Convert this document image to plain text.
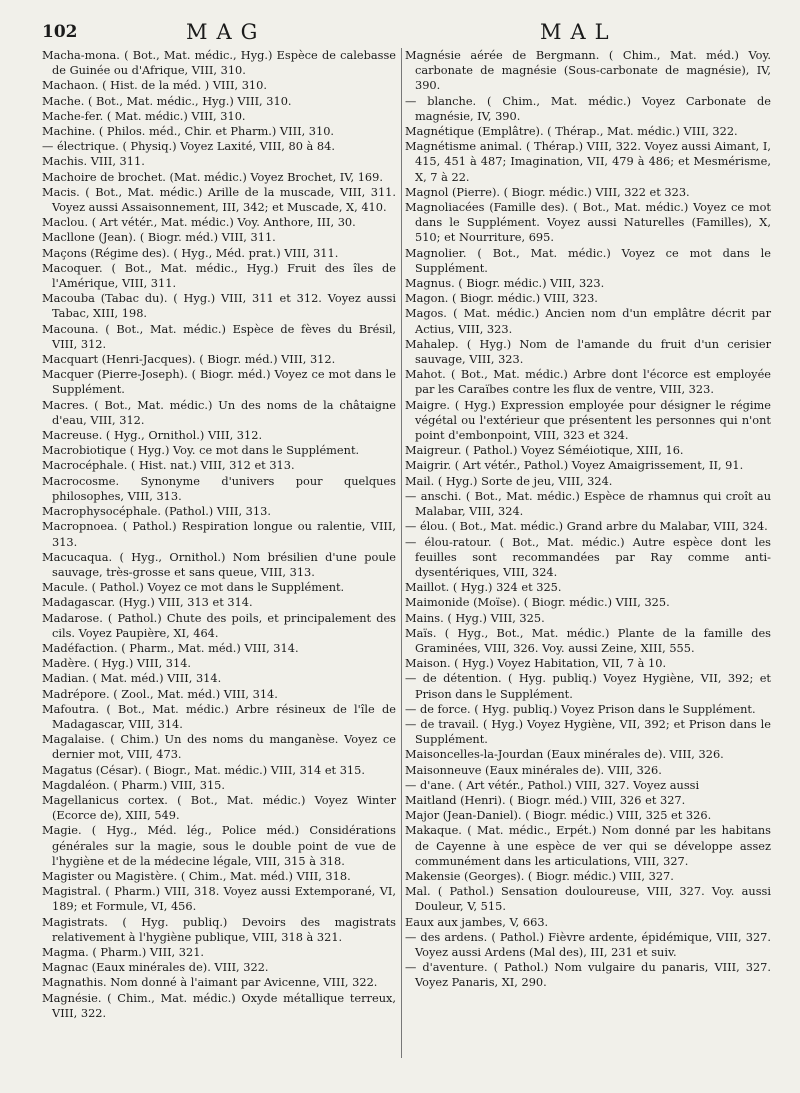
102	MAG	MAL

Macha-mona. ( Bot., Mat. médic., Hyg.) Espèce de calebasse de Guinée ou d'Afrique, VIII, 310.

Machaon. ( Hist. de la méd. ) VIII, 310.

Mache. ( Bot., Mat. médic., Hyg.) VIII, 310.

Mache-fer. ( Mat. médic.) VIII, 310.

Machine. ( Philos. méd., Chir. et Pharm.) VIII, 310.

— électrique. ( Physiq.) Voyez Laxité, VIII, 80 à 84.

Machis. VIII, 311.

Machoire de brochet. (Mat. médic.) Voyez Brochet, IV, 169.

Macis. ( Bot., Mat. médic.) Arille de la muscade, VIII, 311. Voyez aussi Assaisonnement, III, 342; et Muscade, X, 410.

Maclou. ( Art vétér., Mat. médic.) Voy. Anthore, III, 30.

Macllone (Jean). ( Biogr. méd.) VIII, 311.

Maçons (Régime des). ( Hyg., Méd. prat.) VIII, 311.

Macoquer. ( Bot., Mat. médic., Hyg.) Fruit des îles de l'Amérique, VIII, 311.

Macouba (Tabac du). ( Hyg.) VIII, 311 et 312. Voyez aussi Tabac, XIII, 198.

Macouna. ( Bot., Mat. médic.) Espèce de fèves du Brésil, VIII, 312.

Macquart (Henri-Jacques). ( Biogr. méd.) VIII, 312.

Macquer (Pierre-Joseph). ( Biogr. méd.) Voyez ce mot dans le Supplément.

Macres. ( Bot., Mat. médic.) Un des noms de la châtaigne d'eau, VIII, 312.

Macreuse. ( Hyg., Ornithol.) VIII, 312.

Macrobiotique ( Hyg.) Voy. ce mot dans le Supplément.

Macrocéphale. ( Hist. nat.) VIII, 312 et 313.

Macrocosme. Synonyme d'univers pour quelques philosophes, VIII, 313.

Macrophysocéphale. (Pathol.) VIII, 313.

Macropnoea. ( Pathol.) Respiration longue ou ralentie, VIII, 313.

Macucaqua. ( Hyg., Ornithol.) Nom brésilien d'une poule sauvage, très-grosse et sans queue, VIII, 313.

Macule. ( Pathol.) Voyez ce mot dans le Supplément.

Madagascar. (Hyg.) VIII, 313 et 314.

Madarose. ( Pathol.) Chute des poils, et principalement des cils. Voyez Paupière, XI, 464.

Madéfaction. ( Pharm., Mat. méd.) VIII, 314.

Madère. ( Hyg.) VIII, 314.

Madian. ( Mat. méd.) VIII, 314.

Madrépore. ( Zool., Mat. méd.) VIII, 314.

Mafoutra. ( Bot., Mat. médic.) Arbre résineux de l'île de Madagascar, VIII, 314.

Magalaise. ( Chim.) Un des noms du manganèse. Voyez ce dernier mot, VIII, 473.

Magatus (César). ( Biogr., Mat. médic.) VIII, 314 et 315.

Magdaléon. ( Pharm.) VIII, 315.

Magellanicus cortex. ( Bot., Mat. médic.) Voyez Winter (Ecorce de), XIII, 549.

Magie. ( Hyg., Méd. lég., Police méd.) Considérations générales sur la magie, sous le double point de vue de l'hygiène et de la médecine légale, VIII, 315 à 318.

Magister ou Magistère. ( Chim., Mat. méd.) VIII, 318.

Magistral. ( Pharm.) VIII, 318. Voyez aussi Extemporané, VI, 189; et Formule, VI, 456.

Magistrats. ( Hyg. publiq.) Devoirs des magistrats relativement à l'hygiène publique, VIII, 318 à 321.

Magma. ( Pharm.) VIII, 321.

Magnac (Eaux minérales de). VIII, 322.

Magnathis. Nom donné à l'aimant par Avicenne, VIII, 322.

Magnésie. ( Chim., Mat. médic.) Oxyde métallique terreux, VIII, 322.

Magnésie aérée de Bergmann. ( Chim., Mat. méd.) Voy. carbonate de magnésie (Sous-carbonate de magnésie), IV, 390.

— blanche. ( Chim., Mat. médic.) Voyez Carbonate de magnésie, IV, 390.

Magnétique (Emplâtre). ( Thérap., Mat. médic.) VIII, 322.

Magnétisme animal. ( Thérap.) VIII, 322. Voyez aussi Aimant, I, 415, 451 à 487; Imagination, VII, 479 à 486; et Mesmérisme, X, 7 à 22.

Magnol (Pierre). ( Biogr. médic.) VIII, 322 et 323.

Magnoliacées (Famille des). ( Bot., Mat. médic.) Voyez ce mot dans le Supplément. Voyez aussi Naturelles (Familles), X, 510; et Nourriture, 695.

Magnolier. ( Bot., Mat. médic.) Voyez ce mot dans le Supplément.

Magnus. ( Biogr. médic.) VIII, 323.

Magon. ( Biogr. médic.) VIII, 323.

Magos. ( Mat. médic.) Ancien nom d'un emplâtre décrit par Actius, VIII, 323.

Mahalep. ( Hyg.) Nom de l'amande du fruit d'un cerisier sauvage, VIII, 323.

Mahot. ( Bot., Mat. médic.) Arbre dont l'écorce est employée par les Caraïbes contre les flux de ventre, VIII, 323.

Maigre. ( Hyg.) Expression employée pour désigner le régime végétal ou l'extérieur que présentent les personnes qui n'ont point d'embonpoint, VIII, 323 et 324.

Maigreur. ( Pathol.) Voyez Séméiotique, XIII, 16.

Maigrir. ( Art vétér., Pathol.) Voyez Amaigrissement, II, 91.

Mail. ( Hyg.) Sorte de jeu, VIII, 324.

— anschi. ( Bot., Mat. médic.) Espèce de rhamnus qui croît au Malabar, VIII, 324.

— élou. ( Bot., Mat. médic.) Grand arbre du Malabar, VIII, 324.

— élou-ratour. ( Bot., Mat. médic.) Autre espèce dont les feuilles sont recommandées par Ray comme anti-dysentériques, VIII, 324.

Maillot. ( Hyg.) 324 et 325.

Maimonide (Moïse). ( Biogr. médic.) VIII, 325.

Mains. ( Hyg.) VIII, 325.

Maïs. ( Hyg., Bot., Mat. médic.) Plante de la famille des Graminées, VIII, 326. Voy. aussi Zeine, XIII, 555.

Maison. ( Hyg.) Voyez Habitation, VII, 7 à 10.

— de détention. ( Hyg. publiq.) Voyez Hygiène, VII, 392; et Prison dans le Supplément.

— de force. ( Hyg. publiq.) Voyez Prison dans le Supplément.

— de travail. ( Hyg.) Voyez Hygiène, VII, 392; et Prison dans le Supplément.

Maisoncelles-la-Jourdan (Eaux minérales de). VIII, 326.

Maisonneuve (Eaux minérales de). VIII, 326.

— d'ane. ( Art vétér., Pathol.) VIII, 327. Voyez aussi

Maitland (Henri). ( Biogr. méd.) VIII, 326 et 327.

Major (Jean-Daniel). ( Biogr. médic.) VIII, 325 et 326.

Makaque. ( Mat. médic., Erpét.) Nom donné par les habitans de Cayenne à une espèce de ver qui se développe assez communément dans les articulations, VIII, 327.

Makensie (Georges). ( Biogr. médic.) VIII, 327.

Mal. ( Pathol.) Sensation douloureuse, VIII, 327. Voy. aussi Douleur, V, 515.

Eaux aux jambes, V, 663.

— des ardens. ( Pathol.) Fièvre ardente, épidémique, VIII, 327. Voyez aussi Ardens (Mal des), III, 231 et suiv.

— d'aventure. ( Pathol.) Nom vulgaire du panaris, VIII, 327. Voyez Panaris, XI, 290.
